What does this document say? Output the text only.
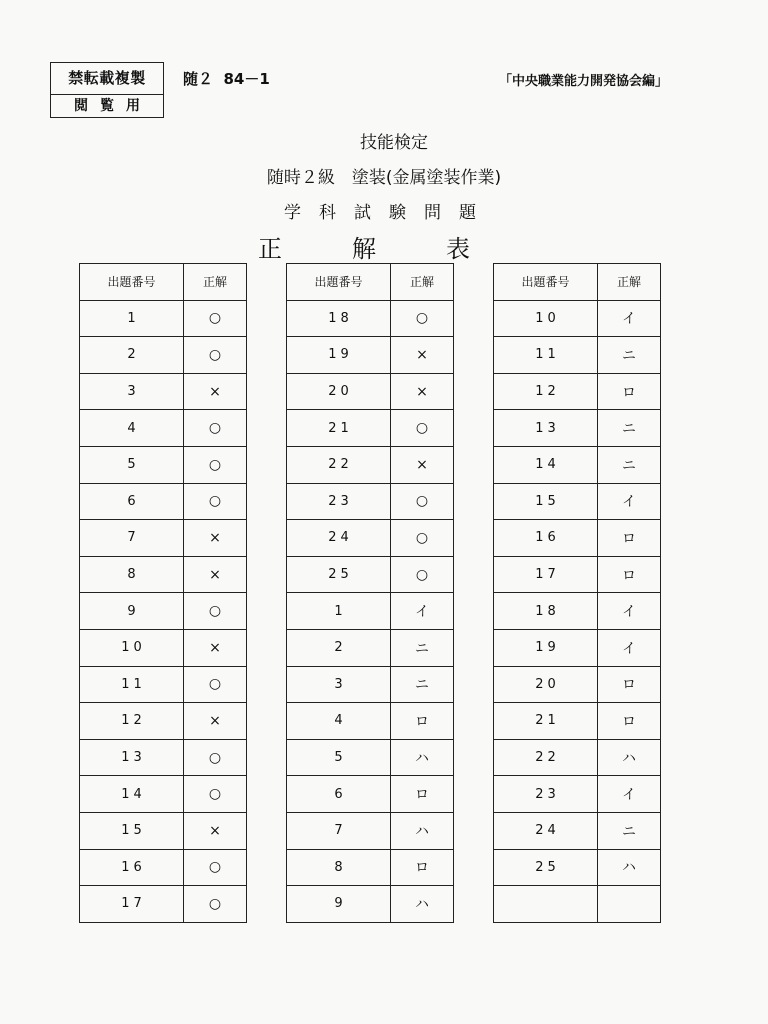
禁転載複製
閲覧用
随２  84－1	「中央職業能力開発協会編」
技能検定
随時２級　塗装(金属塗装作業)
学科試験問題
正解表
出題番号	正解
1	○
2	○
3	×
4	○
5	○
6	○
7	×
8	×
9	○
10	×
11	○
12	×
13	○
14	○
15	×
16	○
17	○
出題番号	正解
18	○
19	×
20	×
21	○
22	×
23	○
24	○
25	○
1	イ
2	ニ
3	ニ
4	ロ
5	ハ
6	ロ
7	ハ
8	ロ
9	ハ
出題番号	正解
10	イ
11	ニ
12	ロ
13	ニ
14	ニ
15	イ
16	ロ
17	ロ
18	イ
19	イ
20	ロ
21	ロ
22	ハ
23	イ
24	ニ
25	ハ
